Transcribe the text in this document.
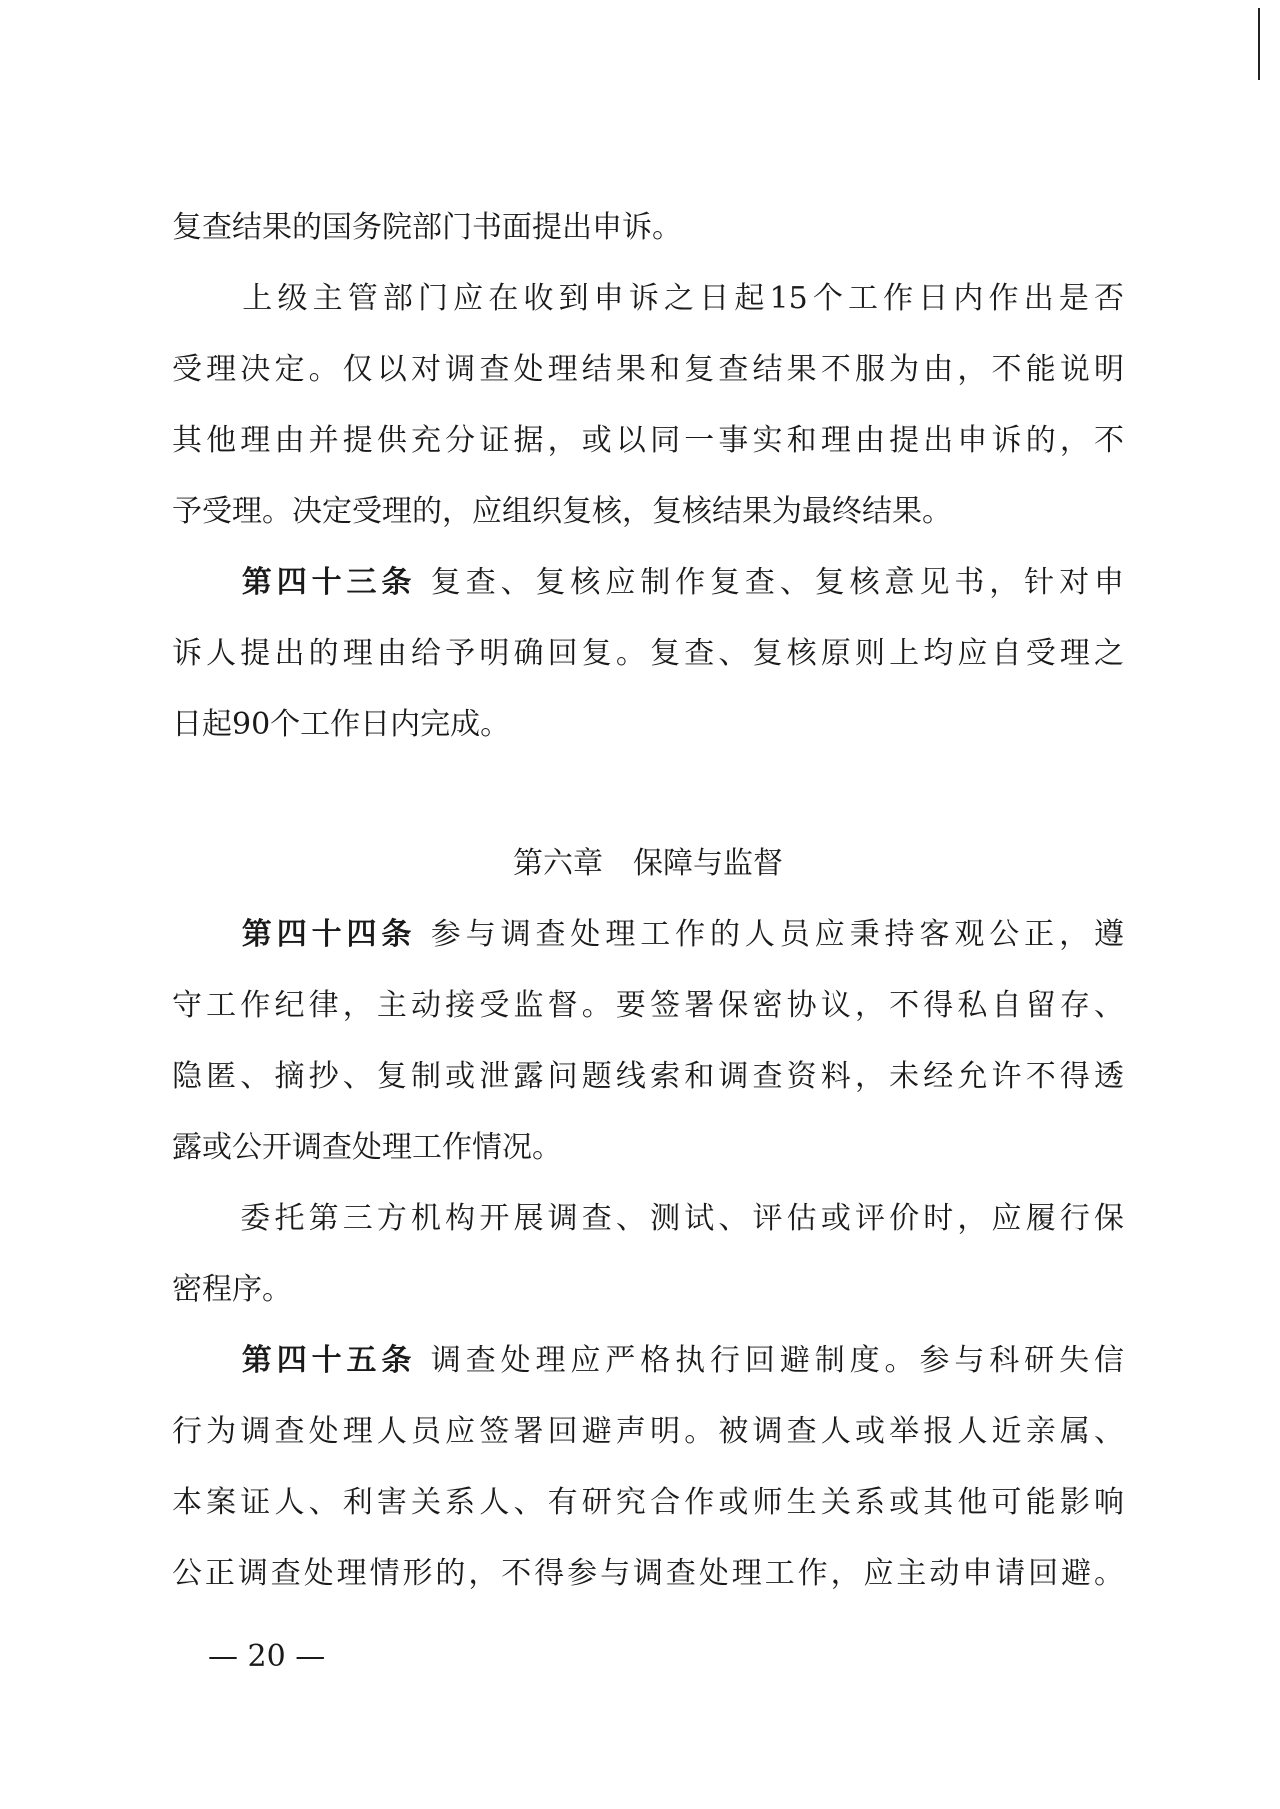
复查结果的国务院部门书面提出申诉。
　　上级主管部门应在收到申诉之日起15个工作日内作出是否
受理决定。仅以对调查处理结果和复查结果不服为由，不能说明
其他理由并提供充分证据，或以同一事实和理由提出申诉的，不
予受理。决定受理的，应组织复核，复核结果为最终结果。
　　第四十三条 复查、复核应制作复查、复核意见书，针对申
诉人提出的理由给予明确回复。复查、复核原则上均应自受理之
日起90个工作日内完成。
第六章 保障与监督
　　第四十四条 参与调查处理工作的人员应秉持客观公正，遵
守工作纪律，主动接受监督。要签署保密协议，不得私自留存、
隐匿、摘抄、复制或泄露问题线索和调查资料，未经允许不得透
露或公开调查处理工作情况。
　　委托第三方机构开展调查、测试、评估或评价时，应履行保
密程序。
　　第四十五条 调查处理应严格执行回避制度。参与科研失信
行为调查处理人员应签署回避声明。被调查人或举报人近亲属、
本案证人、利害关系人、有研究合作或师生关系或其他可能影响
公正调查处理情形的，不得参与调查处理工作，应主动申请回避。
— 20 —
